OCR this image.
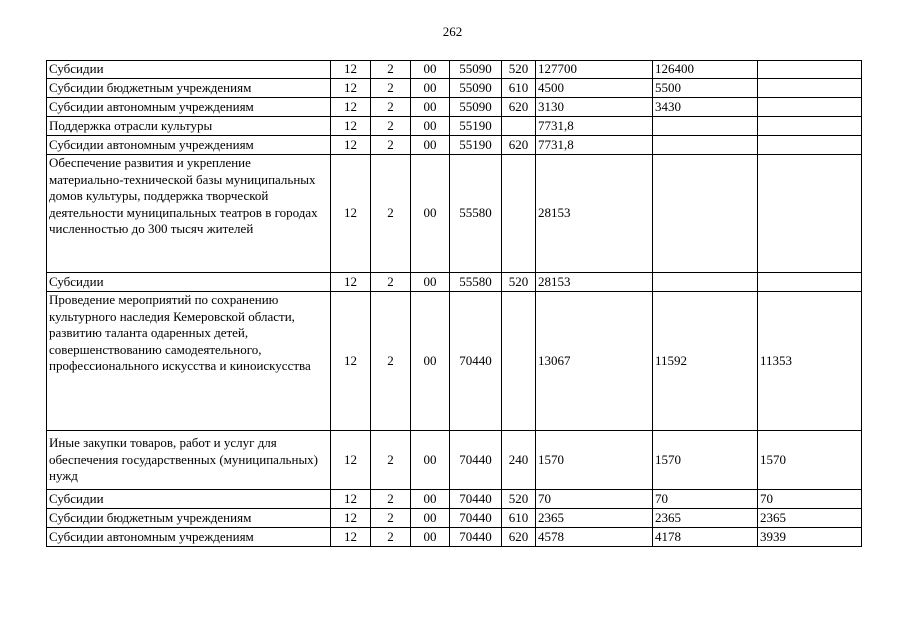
262
Субсидии	12	2	00	55090	520	127700	126400	
Субсидии бюджетным учреждениям	12	2	00	55090	610	4500	5500	
Субсидии автономным учреждениям	12	2	00	55090	620	3130	3430	
Поддержка отрасли культуры	12	2	00	55190		7731,8		
Субсидии автономным учреждениям	12	2	00	55190	620	7731,8		
Обеспечение развития и укрепление материально-технической базы муниципальных домов культуры, поддержка творческой деятельности муниципальных театров в городах численностью до 300 тысяч жителей	12	2	00	55580		28153		
Субсидии	12	2	00	55580	520	28153		
Проведение мероприятий по сохранению культурного наследия Кемеровской области, развитию таланта одаренных детей, совершенствованию самодеятельного, профессионального искусства и киноискусства	12	2	00	70440		13067	11592	11353
Иные закупки товаров, работ и услуг для обеспечения государственных (муниципальных) нужд	12	2	00	70440	240	1570	1570	1570
Субсидии	12	2	00	70440	520	70	70	70
Субсидии бюджетным учреждениям	12	2	00	70440	610	2365	2365	2365
Субсидии автономным учреждениям	12	2	00	70440	620	4578	4178	3939
